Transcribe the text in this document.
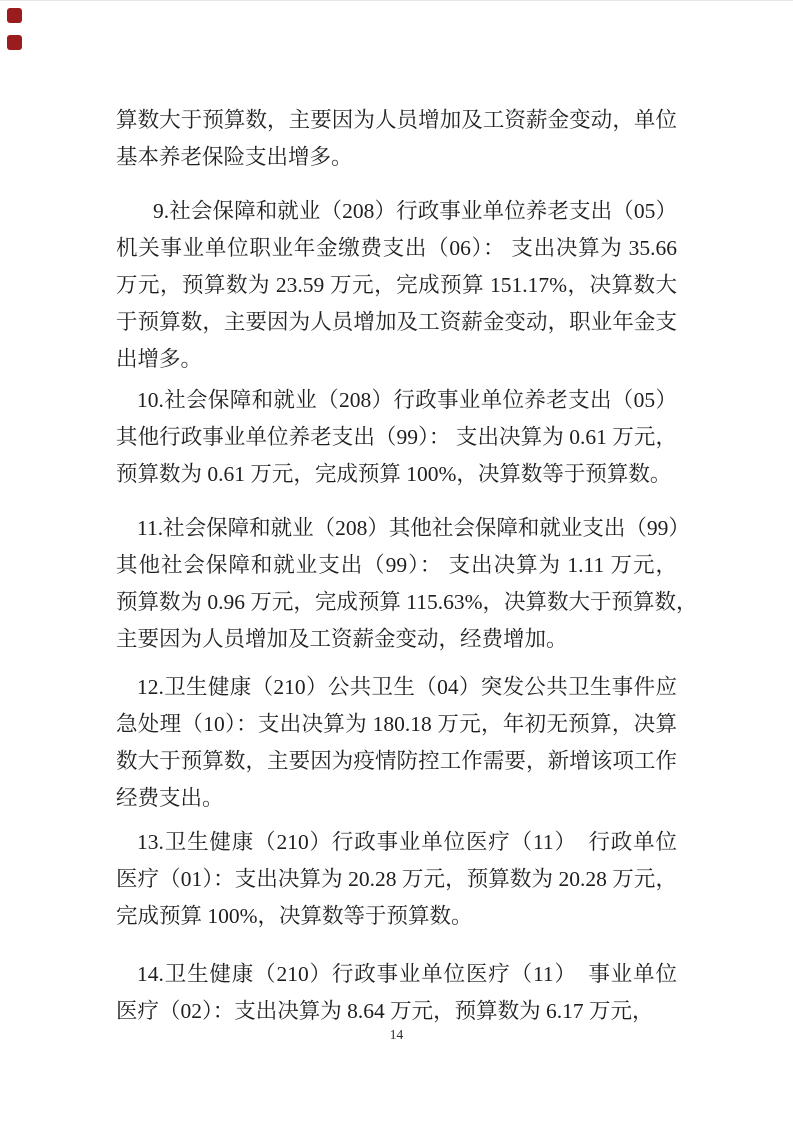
算数大于预算数，主要因为人员增加及工资薪金变动，单位
基本养老保险支出增多。
9.社会保障和就业（208）行政事业单位养老支出（05）
机关事业单位职业年金缴费支出（06）： 支出决算为 35.66
万元，预算数为 23.59 万元，完成预算 151.17%，决算数大
于预算数，主要因为人员增加及工资薪金变动，职业年金支
出增多。
10.社会保障和就业（208）行政事业单位养老支出（05）
其他行政事业单位养老支出（99）： 支出决算为 0.61 万元，
预算数为 0.61 万元，完成预算 100%，决算数等于预算数。
11.社会保障和就业（208）其他社会保障和就业支出（99）
其他社会保障和就业支出（99）： 支出决算为 1.11 万元，
预算数为 0.96 万元，完成预算 115.63%，决算数大于预算数，
主要因为人员增加及工资薪金变动，经费增加。
12.卫生健康（210）公共卫生（04）突发公共卫生事件应
急处理（10）：支出决算为 180.18 万元，年初无预算，决算
数大于预算数，主要因为疫情防控工作需要，新增该项工作
经费支出。
13.卫生健康（210）行政事业单位医疗（11）　行政单位
医疗（01）：支出决算为 20.28 万元，预算数为 20.28 万元，
完成预算 100%，决算数等于预算数。
14.卫生健康（210）行政事业单位医疗（11）　事业单位
医疗（02）：支出决算为 8.64 万元，预算数为 6.17 万元，
14
